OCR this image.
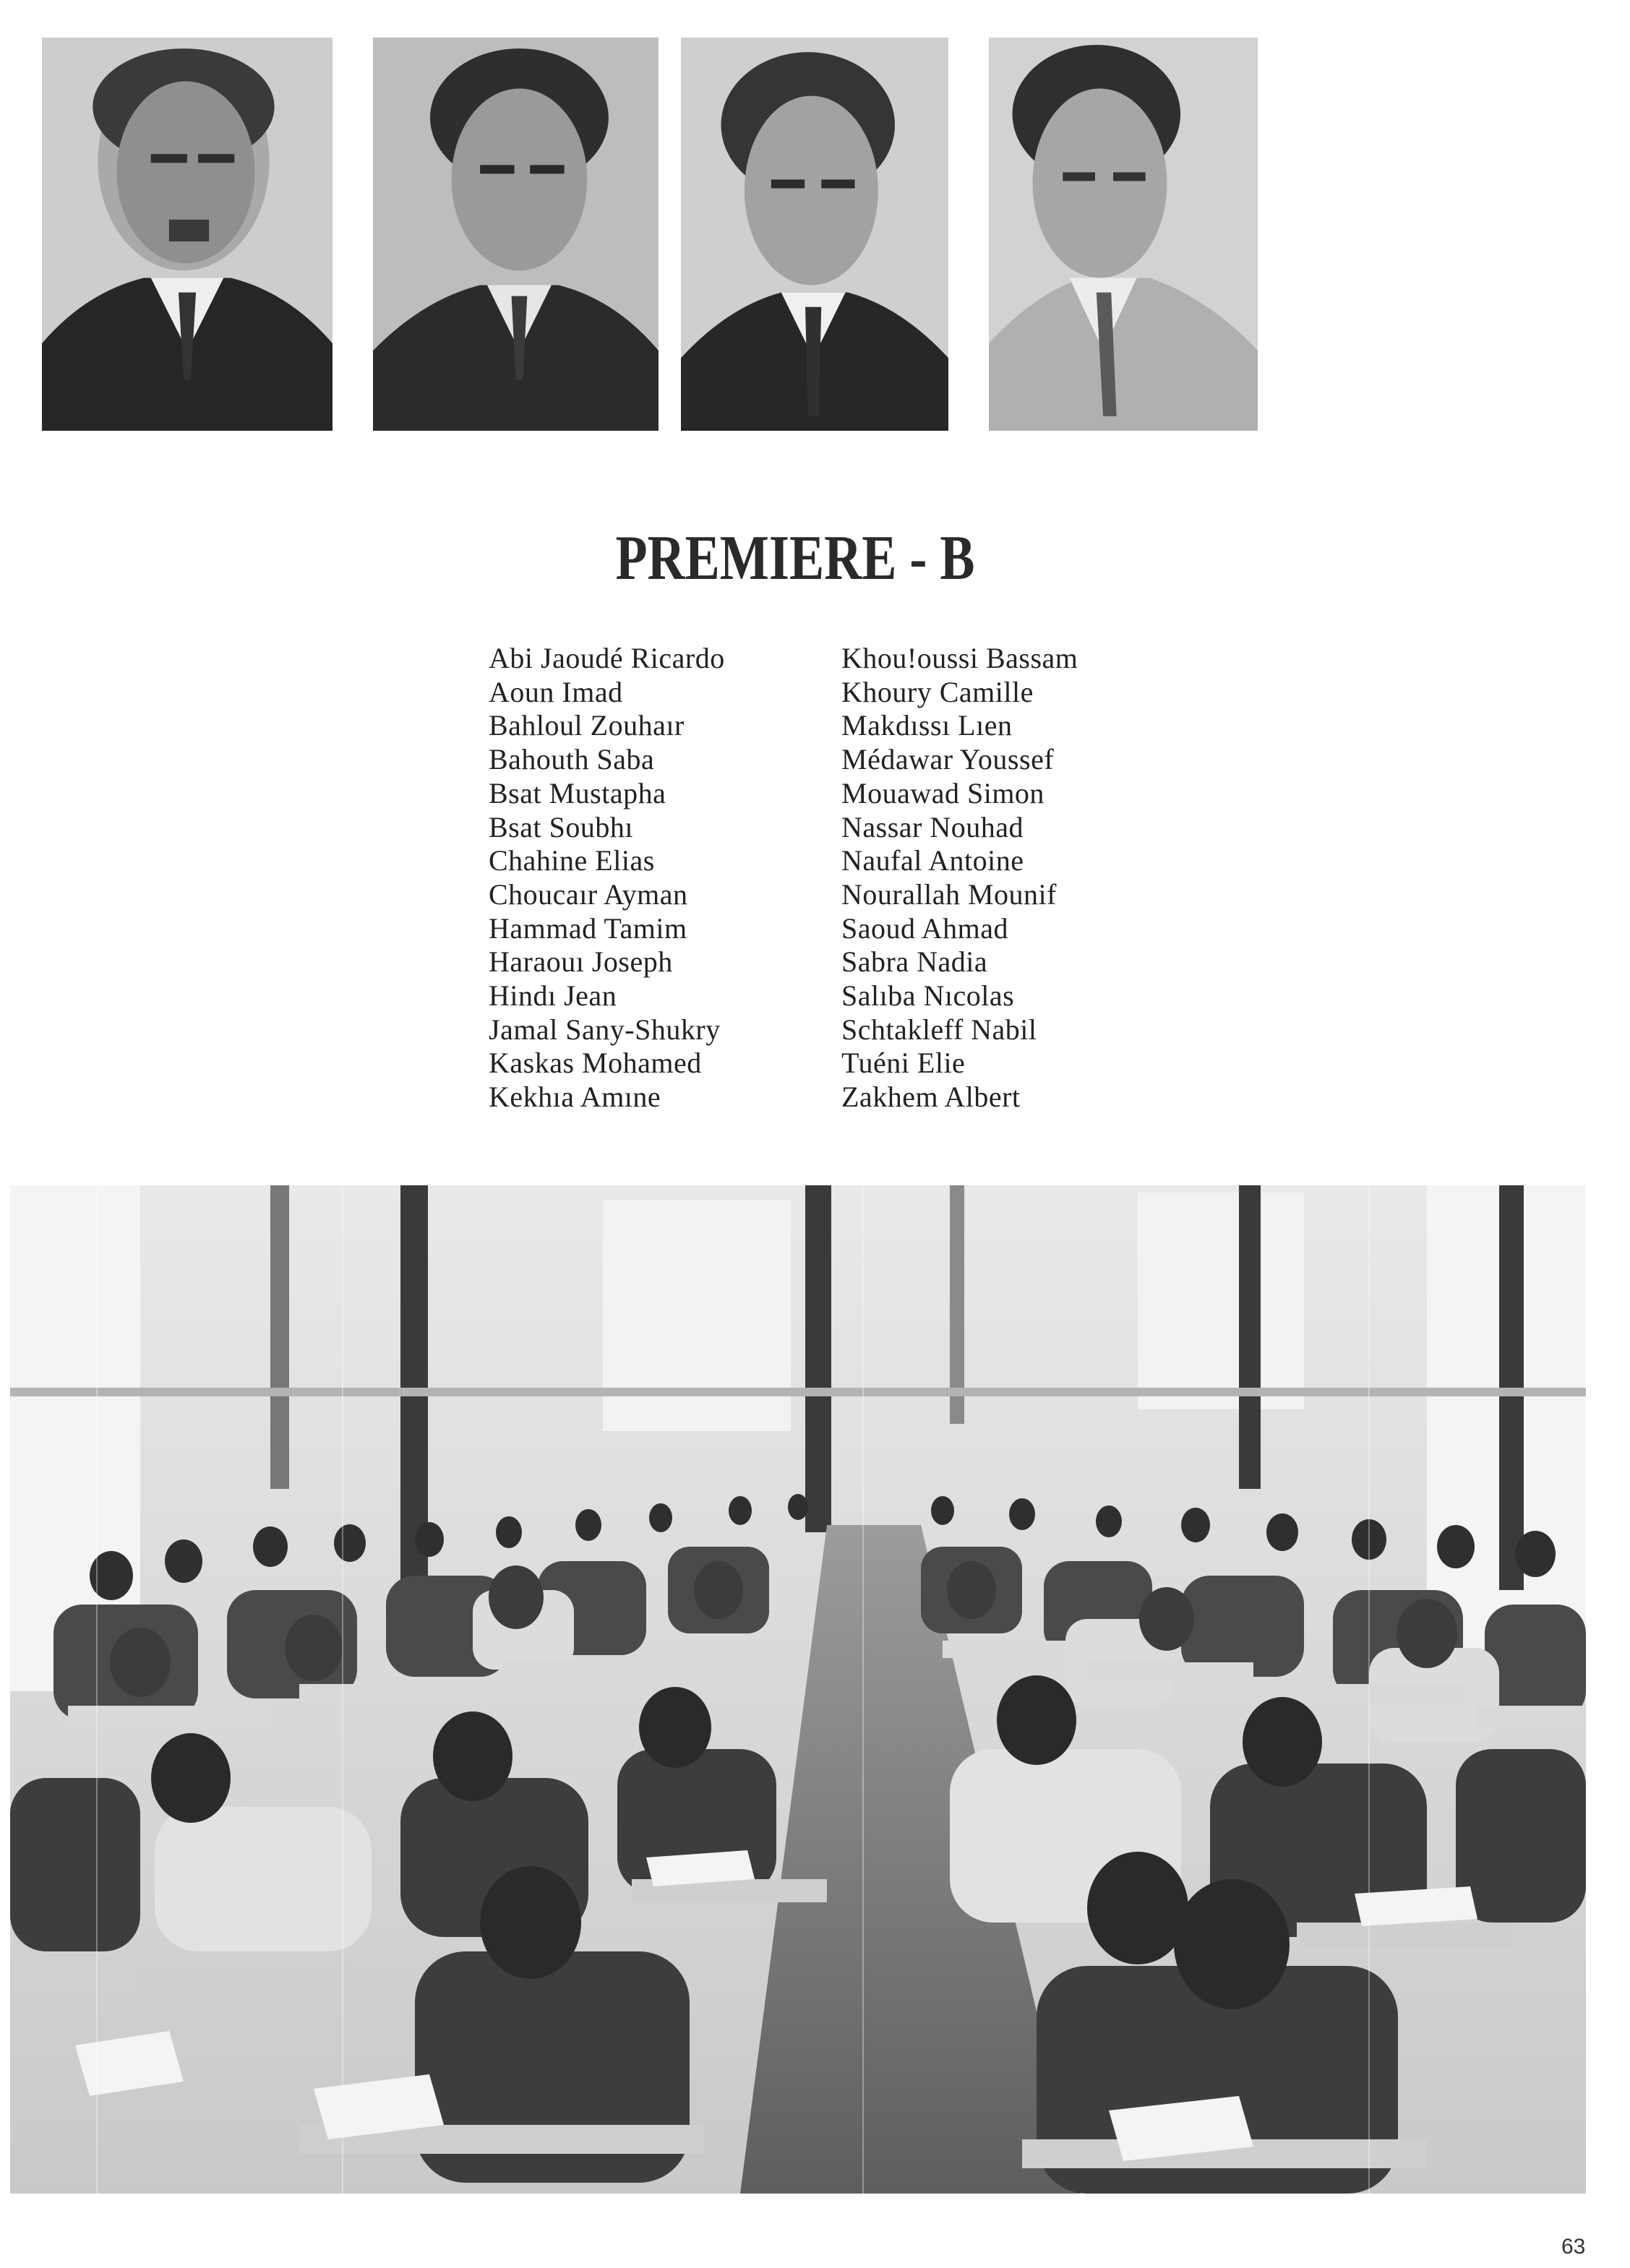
PREMIERE - B
Abi Jaoudé Ricardo
Aoun Imad
Bahloul Zouhaır
Bahouth Saba
Bsat Mustapha
Bsat Soubhı
Chahine Elias
Choucaır Ayman
Hammad Tamim
Haraouı Joseph
Hindı Jean
Jamal Sany-Shukry
Kaskas Mohamed
Kekhıa Amıne
Khou!oussi Bassam
Khoury Camille
Makdıssı Lıen
Médawar Youssef
Mouawad Simon
Nassar Nouhad
Naufal Antoine
Nourallah Mounif
Saoud Ahmad
Sabra Nadia
Salıba Nıcolas
Schtakleff Nabil
Tuéni Elie
Zakhem Albert
63
